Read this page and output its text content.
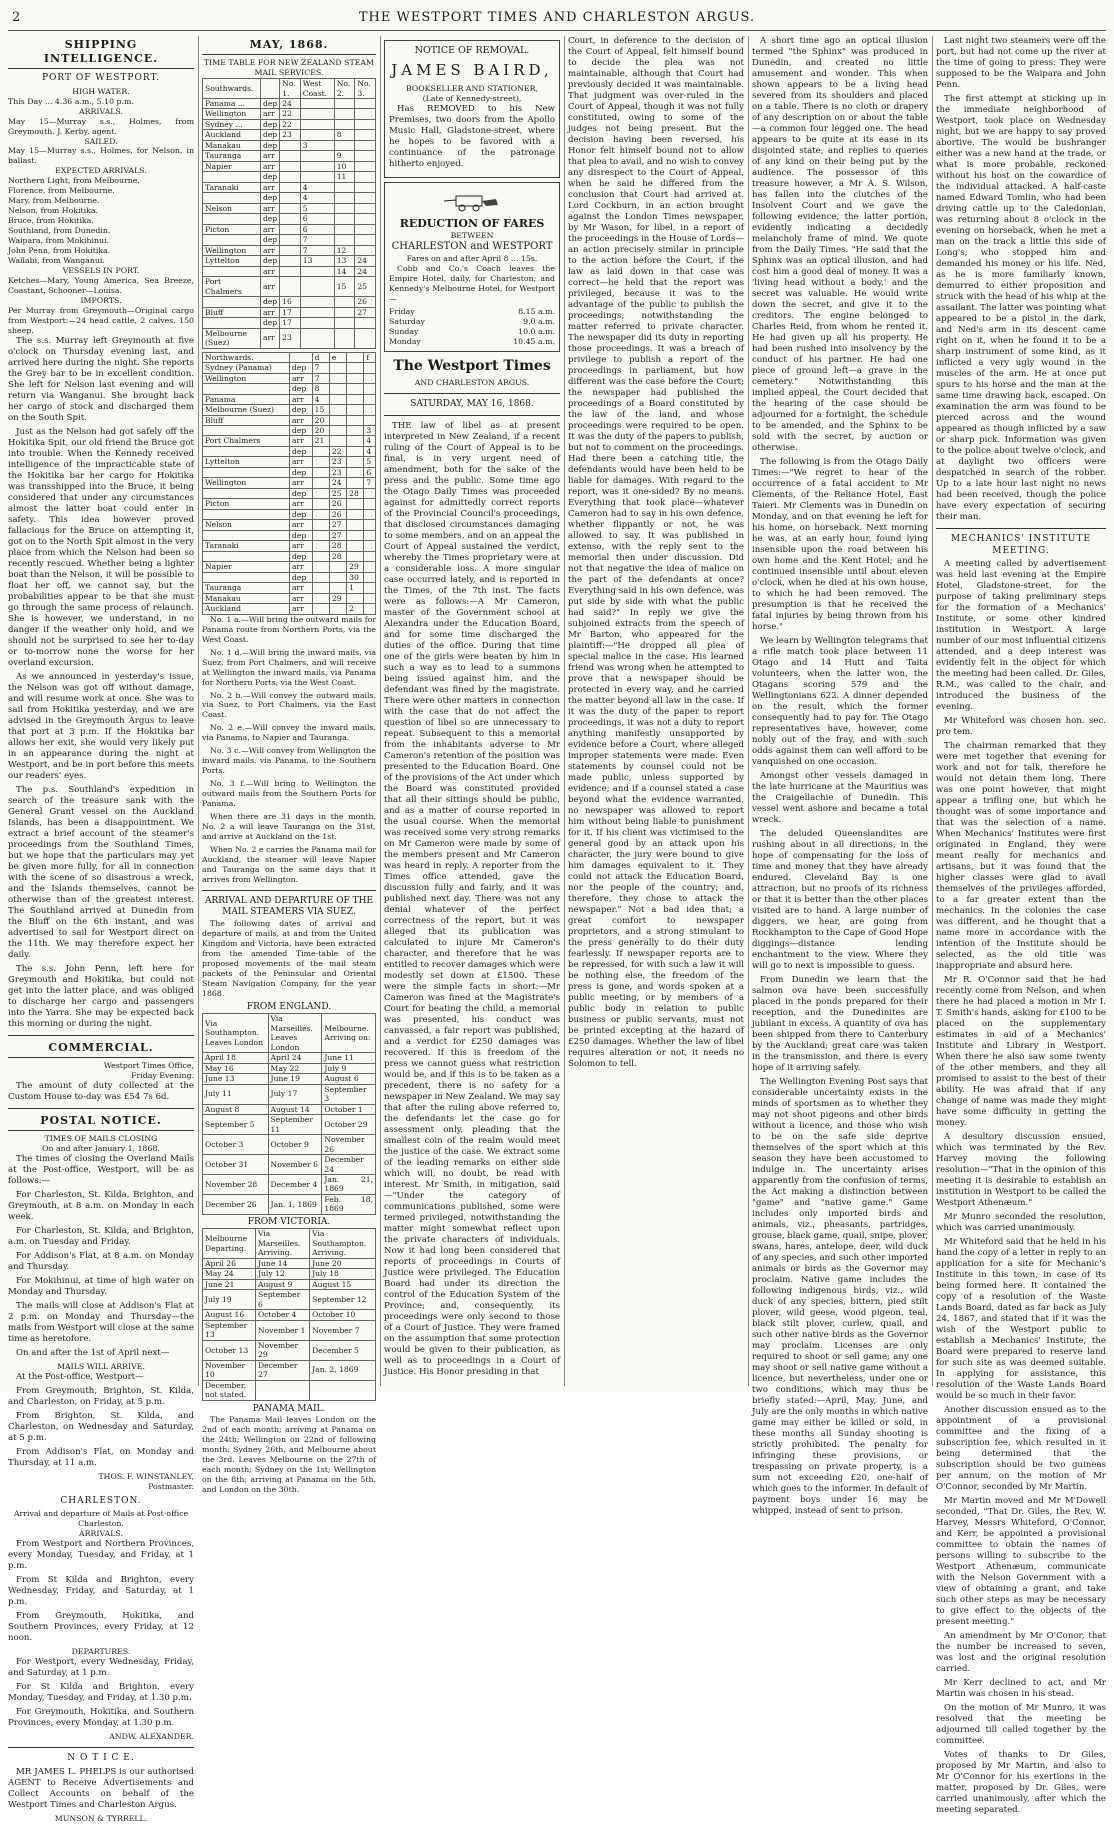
2	THE WESTPORT TIMES AND CHARLESTON ARGUS.
SHIPPING INTELLIGENCE.
PORT OF WESTPORT.
HIGH WATER.
This Day ... 4.36 a.m., 5.10 p.m.
ARRIVALS.
May 15—Murray s.s., Holmes, from Greymouth. J. Kerby, agent.
SAILED.
May 15—Murray s.s., Holmes, for Nelson, in ballast.
EXPECTED ARRIVALS.
Northern Light, from Melbourne.
Florence, from Melbourne.
Mary, from Melbourne.
Nelson, from Hokitika.
Bruce, from Hokitika.
Southland, from Dunedin.
Waipara, from Mokihinui.
John Penn, from Hokitika.
Wallabi, from Wanganui.
VESSELS IN PORT.
Ketches—Mary, Young America, Sea Breeze, Coastant. Schooner—Louisa.
IMPORTS.
Per Murray from Greymouth—Original cargo from Westport:—24 head cattle, 2 calves, 150 sheep.

The s.s. Murray left Greymouth at five o'clock on Thursday evening last, and arrived here during the night. She reports the Grey bar to be in excellent condition. She left for Nelson last evening and will return via Wanganui. She brought back her cargo of stock and discharged them on the South Spit.

Just as the Nelson had got safely off the Hokitika Spit, our old friend the Bruce got into trouble. When the Kennedy received intelligence of the impracticable state of the Hokitika bar her cargo for Hokitika was transshipped into the Bruce, it being considered that under any circumstances almost the latter boat could enter in safety. This idea however proved fallacious for the Bruce on attempting it, got on to the North Spit almost in the very place from which the Nelson had been so recently rescued. Whether being a lighter boat than the Nelson, it will be possible to float her off, we cannot say, but the probabilities appear to be that she must go through the same process of relaunch. She is however, we understand, in no danger if the weather only hold, and we should not be surprised to see her to-day or to-morrow none the worse for her overland excursion.

As we announced in yesterday's issue, the Nelson was got off without damage, and will resume work at once. She was to sail from Hokitika yesterday, and we are advised in the Greymouth Argus to leave that port at 3 p.m. If the Hokitika bar allows her exit, she would very likely put in an appearance during the night at Westport, and be in port before this meets our readers' eyes.

The p.s. Southland's expedition in search of the treasure sank with the General Grant vessel on the Auckland Islands, has been a disappointment. We extract a brief account of the steamer's proceedings from the Southland Times, but we hope that the particulars may yet be given more fully, for all in connection with the scene of so disastrous a wreck, and the Islands themselves, cannot be otherwise than of the greatest interest. The Southland arrived at Dunedin from the Bluff on the 6th instant, and was advertised to sail for Westport direct on the 11th. We may therefore expect her daily.

The s.s. John Penn, left here for Greymouth and Hokitika, but could not get into the latter place, and was obliged to discharge her cargo and passengers into the Yarra. She may be expected back this morning or during the night.

COMMERCIAL.
Westport Times Office,
Friday Evening.

The amount of duty collected at the Custom House to-day was £54 7s 6d.

POSTAL NOTICE.
TIMES OF MAILS CLOSING
On and after January 1, 1868.

The times of closing the Overland Mails at the Post-office, Westport, will be as follows:—

For Charleston, St. Kilda, Brighton, and Greymouth, at 8 a.m. on Monday in each week.

For Charleston, St. Kilda, and Brighton, a.m. on Tuesday and Friday.

For Addison's Flat, at 8 a.m. on Monday and Thursday.

For Mokihinui, at time of high water on Monday and Thursday.

The mails will close at Addison's Flat at 2 p.m. on Monday and Thursday—the mails from Westport will close at the same time as heretofore.

On and after the 1st of April next—

MAILS WILL ARRIVE.

At the Post-office, Westport—

From Greymouth, Brighton, St. Kilda, and Charleston, on Friday, at 5 p.m.

From Brighton, St. Kilda, and Charleston, on Wednesday and Saturday, at 5 p.m.

From Addison's Flat, on Monday and Thursday, at 11 a.m.

THOS. F. WINSTANLEY,
Postmaster.
CHARLESTON.
Arrival and departure of Mails at Post-office Charleston.
ARRIVALS.

From Westport and Northern Provinces, every Monday, Tuesday, and Friday, at 1 p.m.

From St Kilda and Brighton, every Wednesday, Friday, and Saturday, at 1 p.m.

From Greymouth, Hokitika, and Southern Provinces, every Friday, at 12 noon.

DEPARTURES.

For Westport, every Wednesday, Friday, and Saturday, at 1 p.m.

For St Kilda and Brighton, every Monday, Tuesday, and Friday, at 1.30 p.m.

For Greymouth, Hokitika, and Southern Provinces, every Monday, at 1.30 p.m.

ANDW. ALEXANDER.
N O T I C E.

MR JAMES L. PHELPS is our authorised AGENT to Receive Advertisements and Collect Accounts on behalf of the Westport Times and Charleston Argus.

MUNSON & TYRRELL.
MAY, 1868.
TIME TABLE FOR NEW ZEALAND STEAM MAIL SERVICES.
Southwards.		No. 1.	West Coast.	No. 2.	No. 3.
Panama ...	dep	24			
Wellington	arr	22			
Sydney ...	dep	22			
Auckland	dep	23		8	
Manakau	dep		3		
Tauranga	arr			9	
Napier	arr			10	
	dep			11	
Taranaki	arr		4		
	dep		4		
Nelson	arr		5		
	dep		6		
Picton	arr		6		
	dep		7		
Wellington	arr		7	12	
Lyttelton	dep		13	13	24
	arr			14	24
Port Chalmers	arr			15	25
	dep	16			26
Bluff	arr	17			27
	dep	17			
Melbourne (Suez)	arr	23			
Northwards.		d	e		f
Sydney (Panama)	dep	7			
Wellington	arr	7			
	dep	8			
Panama	arr	4			
Melbourne (Suez)	dep	15			
Bluff	arr	20			
	dep	20			3
Port Chalmers	arr	21			4
	dep		22		4
Lyttelton	arr		23		5
	dep		23		6
Wellington	arr		24		7
	dep		25	28	
Picton	arr		26		
	dep		26		
Nelson	arr		27		
	dep		27		
Taranaki	arr		28		
	dep		28		
Napier	arr			29	
	dep			30	
Tauranga	arr			1	
Manakau	arr		29		
Auckland	arr			2	

No. 1 a.—Will bring the outward mails for Panama route from Northern Ports, via the West Coast.

No. 1 d.—Will bring the inward mails, via Suez, from Port Chalmers, and will receive at Wellington the inward mails, via Panama for Northern Ports, via the West Coast.

No. 2 b.—Will convey the outward mails, via Suez, to Port Chalmers, via the East Coast.

No. 2 e.—Will convey the inward mails, via Panama, to Napier and Tauranga.

No. 3 c.—Will convey from Wellington the inward mails, via Panama, to the Southern Ports.

No. 3 f.—Will bring to Wellington the outward mails from the Southern Ports for Panama.

When there are 31 days in the month, No. 2 a will leave Tauranga on the 31st, and arrive at Auckland on the 1st.

When No. 2 e carries the Panama mail for Auckland, the steamer will leave Napier and Tauranga on the same days that it arrives from Wellington.

ARRIVAL AND DEPARTURE OF THE MAIL STEAMERS VIA SUEZ.

The following dates of arrival and departure of mails, at and from the United Kingdom and Victoria, have been extracted from the amended Time-table of the proposed movements of the mail steam packets of the Peninsular and Oriental Steam Navigation Company, for the year 1868.

FROM ENGLAND.
Via Southampton. Leaves London	Via Marseilles. Leaves London	Melbourne. Arriving on:
April 18	April 24	June 11
May 16	May 22	July 9
June 13	June 19	August 6
July 11	July 17	September 3
August 8	August 14	October 1
September 5	September 11	October 29
October 3	October 9	November 26
October 31	November 6	December 24
November 28	December 4	Jan. 21, 1869
December 26	Jan. 1, 1869	Feb. 18, 1869
FROM VICTORIA.
Melbourne Departing.	Via Marseilles. Arriving.	Via Southampton. Arriving.
April 26	June 14	June 20
May 24	July 12	July 18
June 21	August 9	August 15
July 19	September 6	September 12
August 16	October 4	October 10
September 13	November 1	November 7
October 13	November 29	December 5
November 10	December 27	Jan. 2, 1869
December, not stated.		
PANAMA MAIL.

The Panama Mail leaves London on the 2nd of each month; arriving at Panama on the 24th; Wellington on 22nd of following month; Sydney 26th, and Melbourne about the 3rd. Leaves Melbourne on the 27th of each month; Sydney on the 1st; Wellington on the 8th; arriving at Panama on the 5th, and London on the 30th.

NOTICE OF REMOVAL.
JAMES BAIRD,
BOOKSELLER AND STATIONER,
(Late of Kennedy-street),

Has REMOVED to his New Premises, two doors from the Apollo Music Hall, Gladstone-street, where he hopes to be favored with a continuance of the patronage hitherto enjoyed.

REDUCTION OF FARES
BETWEEN
CHARLESTON and WESTPORT
Fares on and after April 8 ... 15s.

Cobb and Co.'s Coach leaves the Empire Hotel, daily, for Charleston; and Kennedy's Melbourne Hotel, for Westport—

Friday	8.15 a.m.
Saturday	9.0 a.m.
Sunday	10.0 a.m.
Monday	10.45 a.m.
The Westport Times
AND CHARLESTON ARGUS.
SATURDAY, MAY 16, 1868.

THE law of libel as at present interpreted in New Zealand, if a recent ruling of the Court of Appeal is to be final, is in very urgent need of amendment, both for the sake of the press and the public. Some time ago the Otago Daily Times was proceeded against for admittedly correct reports of the Provincial Council's proceedings, that disclosed circumstances damaging to some members, and on an appeal the Court of Appeal sustained the verdict, whereby the Times proprietary were at a considerable loss. A more singular case occurred lately, and is reported in the Times, of the 7th inst. The facts were as follows:—A Mr Cameron, master of the Government school at Alexandra under the Education Board, and for some time discharged the duties of the office. During that time one of the girls were beaten by him in such a way as to lead to a summons being issued against him, and the defendant was fined by the magistrate. There were other matters in connection with the case that do not affect the question of libel so are unnecessary to repeat. Subsequent to this a memorial from the inhabitants adverse to Mr Cameron's retention of the position was presented to the Education Board. One of the provisions of the Act under which the Board was constituted provided that all their sittings should be public, and as a matter of course reported in the usual course. When the memorial was received some very strong remarks on Mr Cameron were made by some of the members present and Mr Cameron was heard in reply. A reporter from the Times office attended, gave the discussion fully and fairly, and it was published next day. There was not any denial whatever of the perfect correctness of the report, but it was alleged that its publication was calculated to injure Mr Cameron's character, and therefore that he was entitled to recover damages which were modestly set down at £1500. These were the simple facts in short:—Mr Cameron was fined at the Magistrate's Court for beating the child, a memorial was presented, his conduct was canvassed, a fair report was published, and a verdict for £250 damages was recovered. If this is freedom of the press we cannot guess what restriction would be, and if this is to be taken as a precedent, there is no safety for a newspaper in New Zealand. We may say that after the ruling above referred to, the defendants let the case go for assessment only, pleading that the smallest coin of the realm would meet the justice of the case. We extract some of the leading remarks on either side which will, no doubt, be read with interest. Mr Smith, in mitigation, said—"Under the category of communications published, some were termed privileged, notwithstanding the matter might somewhat reflect upon the private characters of individuals. Now it had long been considered that reports of proceedings in Courts of Justice were privileged. The Education Board had under its direction the control of the Education System of the Province; and, consequently, its proceedings were only second to those of a Court of Justice. They were framed on the assumption that some protection would be given to their publication, as well as to proceedings in a Court of Justice. His Honor presiding in that

Court, in deference to the decision of the Court of Appeal, felt himself bound to decide the plea was not maintainable, although that Court had previously decided it was maintainable. That judgment was over-ruled in the Court of Appeal, though it was not fully constituted, owing to some of the judges not being present. But the decision having been reversed, his Honor felt himself bound not to allow that plea to avail, and no wish to convey any disrespect to the Court of Appeal, when he said he differed from the conclusion that Court had arrived at. Lord Cockburn, in an action brought against the London Times newspaper, by Mr Wason, for libel, in a report of the proceedings in the House of Lords—an action precisely similar in principle to the action before the Court, if the law as laid down in that case was correct—he held that the report was privileged, because it was to the advantage of the public to publish the proceedings, notwithstanding the matter referred to private character. The newspaper did its duty in reporting those proceedings. It was a breach of privilege to publish a report of the proceedings in parliament, but how different was the case before the Court; the newspaper had published the proceedings of a Board constituted by the law of the land, and whose proceedings were required to be open. It was the duty of the papers to publish, but not to comment on the proceedings. Had there been a catching title, the defendants would have been held to be liable for damages. With regard to the report, was it one-sided? By no means. Everything that took place—whatever Cameron had to say in his own defence, whether flippantly or not, he was allowed to say. It was published in extenso, with the reply sent to the memorial then under discussion. Did not that negative the idea of malice on the part of the defendants at once? Everything said in his own defence, was put side by side with what the public had said?" In reply we give the subjoined extracts from the speech of Mr Barton, who appeared for the plaintiff:—"He dropped all plea of special malice in the case. His learned friend was wrong when he attempted to prove that a newspaper should be protected in every way, and he carried the matter beyond all law in the case. If it was the duty of the paper to report proceedings, it was not a duty to report anything manifestly unsupported by evidence before a Court, where alleged improper statements were made. Even statements by counsel could not be made public, unless supported by evidence; and if a counsel stated a case beyond what the evidence warranted, no newspaper was allowed to report him without being liable to punishment for it. If his client was victimised to the general good by an attack upon his character, the jury were bound to give him damages equivalent to it. They could not attack the Education Board, nor the people of the country; and, therefore, they chose to attack the newspaper." Not a bad idea that; a great comfort to newspaper proprietors, and a strong stimulant to the press generally to do their duty fearlessly. If newspaper reports are to be repressed, for with such a law it will be nothing else, the freedom of the press is gone, and words spoken at a public meeting, or by members of a public body in relation to public business or public servants, must not be printed excepting at the hazard of £250 damages. Whether the law of libel requires alteration or not, it needs no Solomon to tell.

A short time ago an optical illusion termed "the Sphinx" was produced in Dunedin, and created no little amusement and wonder. This when shown appears to be a living head severed from its shoulders and placed on a table. There is no cloth or drapery of any description on or about the table—a common four legged one. The head appears to be quite at its ease in its disjointed state, and replies to queries of any kind on their being put by the audience. The possessor of this treasure however, a Mr A. S. Wilson, has fallen into the clutches of the Insolvent Court and we gave the following evidence, the latter portion, evidently indicating a decidedly melancholy frame of mind. We quote from the Daily Times. "He said that the Sphinx was an optical illusion, and had cost him a good deal of money. It was a 'living head without a body,' and the secret was valuable. He would write down the secret, and give it to the creditors. The engine belonged to Charles Reid, from whom he rented it. He had given up all his property. He had been rushed into insolvency by the conduct of his partner. He had one piece of ground left—a grave in the cemetery." Notwithstanding this implied appeal, the Court decided that the hearing of the case should be adjourned for a fortnight, the schedule to be amended, and the Sphinx to be sold with the secret, by auction or otherwise.

The following is from the Otago Daily Times:—"We regret to hear of the occurrence of a fatal accident to Mr Clements, of the Reliance Hotel, East Taieri. Mr Clements was in Dunedin on Monday, and on that evening he left for his home, on horseback. Next morning he was, at an early hour, found lying insensible upon the road between his own home and the Kent Hotel; and he continued insensible until about eleven o'clock, when he died at his own house, to which he had been removed. The presumption is that he received the fatal injuries by being thrown from his horse."

We learn by Wellington telegrams that a rifle match took place between 11 Otago and 14 Hutt and Taita volunteers, when the latter won, the Otagans scoring 579 and the Wellingtonians 622. A dinner depended on the result, which the former consequently had to pay for. The Otago representatives have, however, come nobly out of the fray, and with such odds against them can well afford to be vanquished on one occasion.

Amongst other vessels damaged in the late hurricane at the Mauritius was the Craigellachie of Dunedin. This vessel went ashore and became a total wreck.

The deluded Queenslandites are rushing about in all directions, in the hope of compensating for the loss of time and money that they have already endured. Cleveland Bay is one attraction, but no proofs of its richness or that it is better than the other places visited are to hand. A large number of diggers, we hear, are going from Rockhampton to the Cape of Good Hope diggings—distance lending enchantment to the view. Where they will go to next is impossible to guess.

From Dunedin we learn that the salmon ova have been successfully placed in the ponds prepared for their reception, and the Dunedinites are jubilant in excess. A quantity of ova has been shipped from there to Canterbury by the Auckland; great care was taken in the transmission, and there is every hope of it arriving safely.

The Wellington Evening Post says that considerable uncertainty exists in the minds of sportsmen as to whether they may not shoot pigeons and other birds without a licence, and those who wish to be on the safe side deprive themselves of the sport which at this season they have been accustomed to indulge in. The uncertainty arises apparently from the confusion of terms, the Act making a distinction between "game" and "native game." Game includes only imported birds and animals, viz., pheasants, partridges, grouse, black game, quail, snipe, plover, swans, hares, antelope, deer, wild duck of any species, and such other imported animals or birds as the Governor may proclaim. Native game includes the following indigenous birds, viz., wild duck of any species, bittern, pied stilt plover, wild geese, wood pigeon, teal, black stilt plover, curlew, quail, and such other native birds as the Governor may proclaim. Licenses are only required to shoot or sell game; any one may shoot or sell native game without a licence, but nevertheless, under one or two conditions, which may thus be briefly stated:—April, May, June, and July are the only months in which native game may either be killed or sold, in these months all Sunday shooting is strictly prohibited. The penalty for infringing these provisions, or trespassing on private property, is a sum not exceeding £20, one-half of which goes to the informer. In default of payment boys under 16 may be whipped, instead of sent to prison.

Last night two steamers were off the port, but had not come up the river at the time of going to press. They were supposed to be the Waipara and John Penn.

The first attempt at sticking up in the immediate neighborhood of Westport, took place on Wednesday night, but we are happy to say proved abortive. The would be bushranger either was a new hand at the trade, or what is more probable, reckoned without his host on the cowardice of the individual attacked. A half-caste named Edward Tomlin, who had been driving cattle up to the Caledonian, was returning about 8 o'clock in the evening on horseback, when he met a man on the track a little this side of Long's, who stopped him and demanded his money or his life. Ned, as he is more familiarly known, demurred to either proposition and struck with the head of his whip at the assailant. The latter was pointing what appeared to be a pistol in the dark, and Ned's arm in its descent came right on it, when he found it to be a sharp instrument of some kind, as it inflicted a very ugly wound in the muscles of the arm. He at once put spurs to his horse and the man at the same time drawing back, escaped. On examination the arm was found to be pierced across and the wound appeared as though inflicted by a saw or sharp pick. Information was given to the police about twelve o'clock, and at daylight two officers were despatched in search of the robber. Up to a late hour last night no news had been received, though the police have every expectation of securing their man.

MECHANICS' INSTITUTE MEETING.

A meeting called by advertisement was held last evening at the Empire Hotel, Gladstone-street, for the purpose of taking preliminary steps for the formation of a Mechanics' Institute, or some other kindred institution in Westport. A large number of our most influential citizens attended, and a deep interest was evidently felt in the object for which the meeting had been called. Dr. Giles, R.M., was called to the chair, and introduced the business of the evening.

Mr Whiteford was chosen hon. sec. pro tem.

The chairman remarked that they were met together that evening for work and not for talk, therefore he would not detain them long. There was one point however, that might appear a trifling one, but which he thought was of some importance and that was the selection of a name. When Mechanics' Institutes were first originated in England, they were meant really for mechanics and artisans, but it was found that the higher classes were glad to avail themselves of the privileges afforded, to a far greater extent than the mechanics. In the colonies the case was different, and he thought that a name more in accordance with the intention of the Institute should be selected, as the old title was inappropriate and absurd here.

Mr R. O'Connor said that he had recently come from Nelson, and when there he had placed a motion in Mr I. T. Smith's hands, asking for £100 to be placed on the supplementary estimates in aid of a Mechanics' Institute and Library in Westport. When there he also saw some twenty of the other members, and they all promised to assist to the best of their ability. He was afraid that if any change of name was made they might have some difficulty in getting the money.

A desultory discussion ensued, which was terminated by the Rev. Harvey moving the following resolution—"That in the opinion of this meeting it is desirable to establish an institution in Westport to be called the Westport Athenæum."

Mr Munro seconded the resolution, which was carried unanimously.

Mr Whiteford said that he held in his hand the copy of a letter in reply to an application for a site for Mechanic's Institute in this town, in case of its being formed here. It contained the copy of a resolution of the Waste Lands Board, dated as far back as July 24, 1867, and stated that if it was the wish of the Westport public to establish a Mechanics' Institute, the Board were prepared to reserve land for such site as was deemed suitable. In applying for assistance, this resolution of the Waste Lands Board would be so much in their favor.

Another discussion ensued as to the appointment of a provisional committee and the fixing of a subscription fee, which resulted in it being determined that the subscription should be two guineas per annum, on the motion of Mr O'Connor, seconded by Mr Martin.

Mr Martin moved and Mr M'Dowell seconded, "That Dr. Giles, the Rev. W. Harvey, Messrs Whiteford, O'Connor, and Kerr, be appointed a provisional committee to obtain the names of persons willing to subscribe to the Westport Athenæum, communicate with the Nelson Government with a view of obtaining a grant, and take such other steps as may be necessary to give effect to the objects of the present meeting."

An amendment by Mr O'Conor, that the number be increased to seven, was lost and the original resolution carried.

Mr Kerr declined to act, and Mr Martin was chosen in his stead.

On the motion of Mr Munro, it was resolved that the meeting be adjourned till called together by the committee.

Votes of thanks to Dr Giles, proposed by Mr Martin, and also to Mr O'Connor for his exertions in the matter, proposed by Dr. Giles, were carried unanimously, after which the meeting separated.
